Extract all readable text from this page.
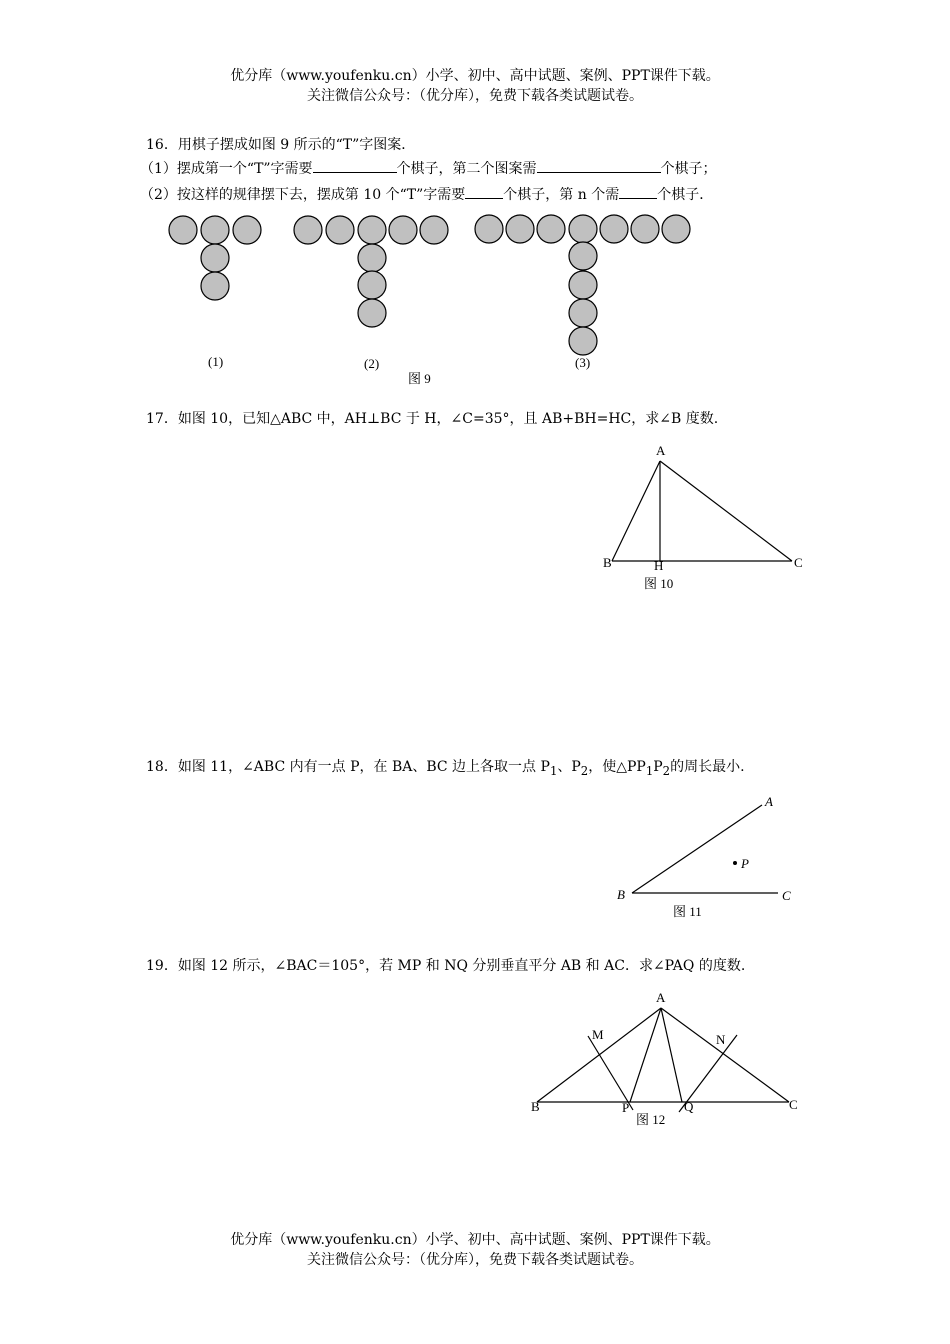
优分库（www.youfenku.cn）小学、初中、高中试题、案例、PPT课件下载。
关注微信公众号：（优分库），免费下载各类试题试卷。
16．用棋子摆成如图 9 所示的“T”字图案．
（1）摆成第一个“T”字需要	个棋子，第二个图案需	个棋子；
（2）按这样的规律摆下去，摆成第 10 个“T”字需要	个棋子，第 n 个需	个棋子．
(1)	(2)	(3)
图 9
17．如图 10，已知△ABC 中，AH⊥BC 于 H，∠C=35°，且 AB+BH=HC，求∠B 度数.
A
B	C
H
图 10
18．如图 11，∠ABC 内有一点 P，在 BA、BC 边上各取一点 $P_1$、$P_2$，使$\triangle PP_1P_2$的周长最小.
A
B	C
P
图 11
19．如图 12 所示，∠BAC＝105°，若 MP 和 NQ 分别垂直平分 AB 和 AC．求∠PAQ 的度数.
A
B	C
M	N
P	Q
图 12
优分库（www.youfenku.cn）小学、初中、高中试题、案例、PPT课件下载。
关注微信公众号：（优分库），免费下载各类试题试卷。
